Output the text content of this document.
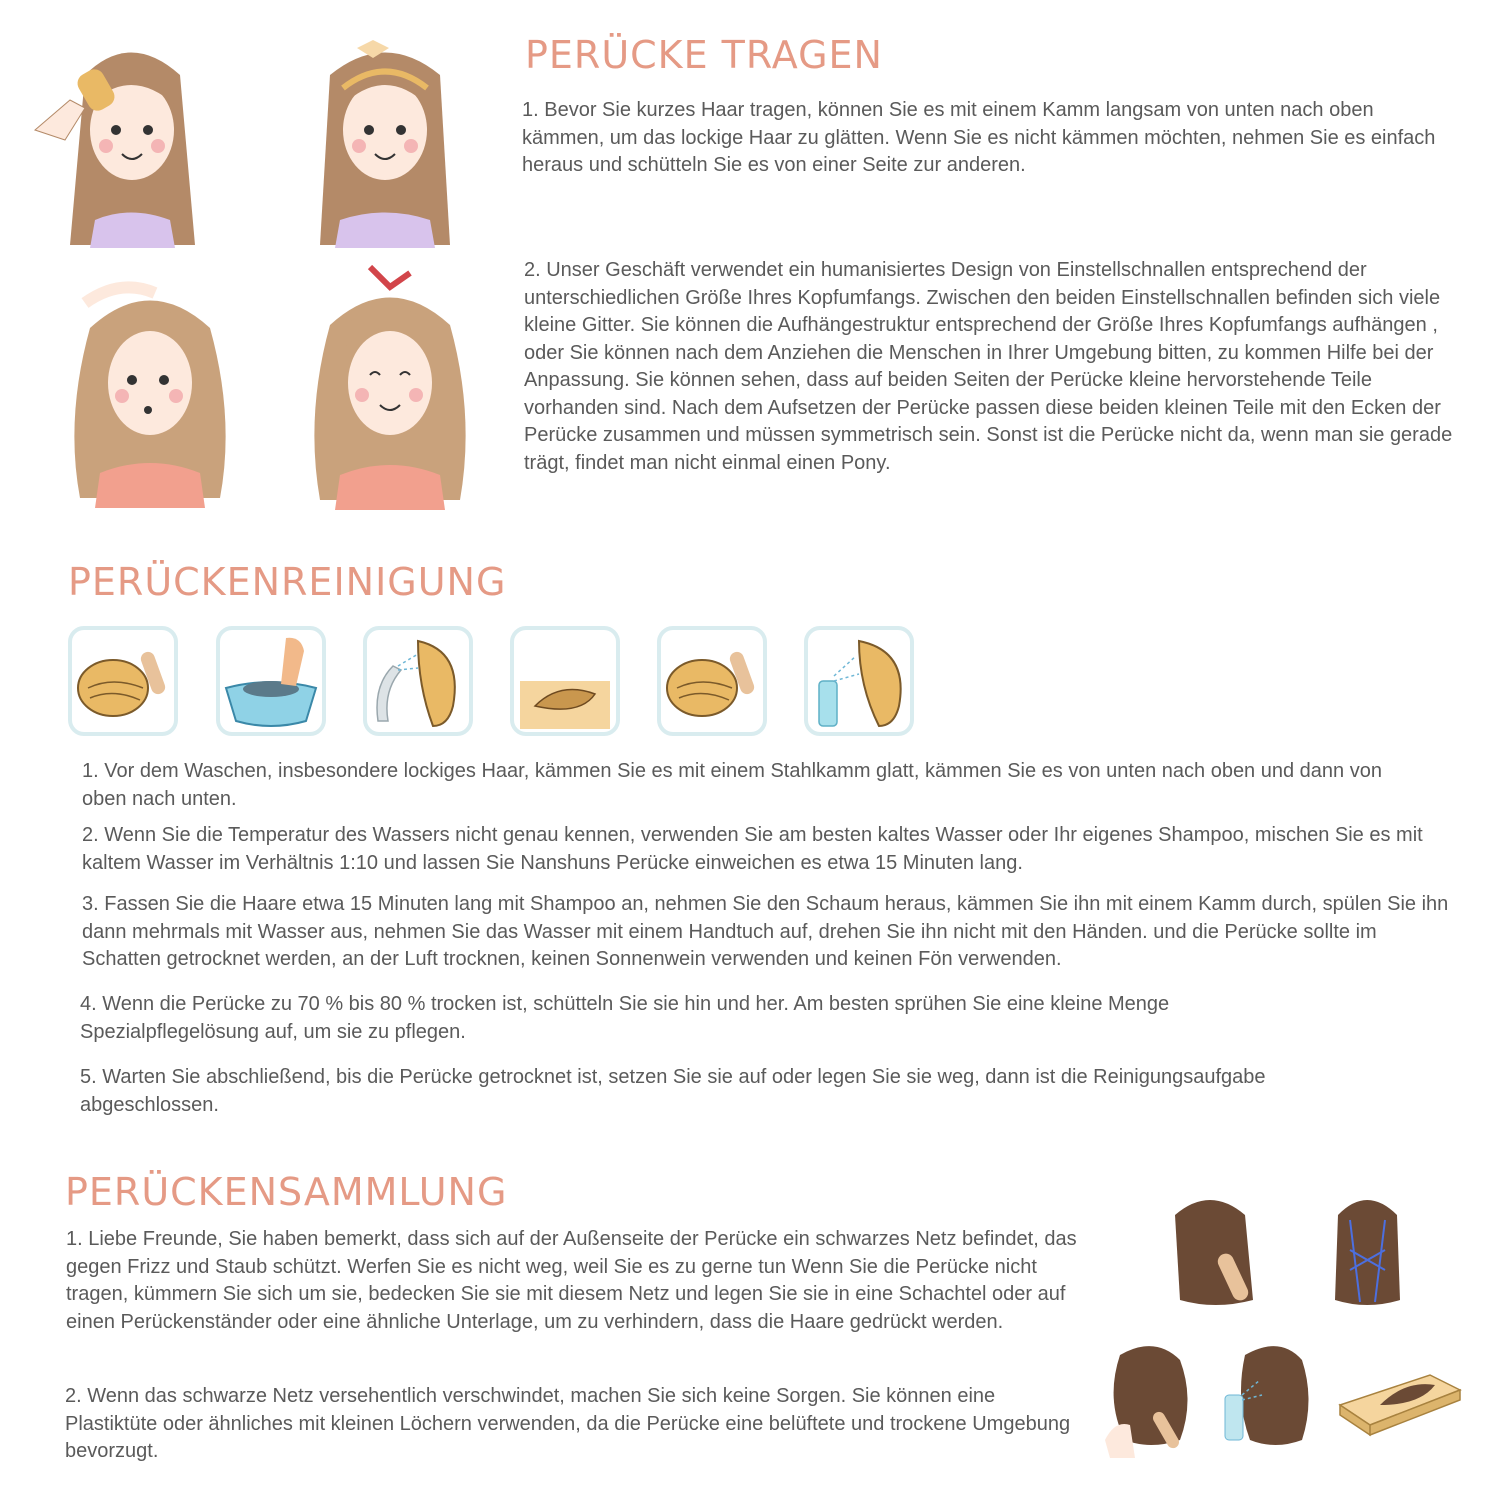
PERÜCKE TRAGEN

1. Bevor Sie kurzes Haar tragen, können Sie es mit einem Kamm langsam von unten nach oben kämmen, um das lockige Haar zu glätten. Wenn Sie es nicht kämmen möchten, nehmen Sie es einfach heraus und schütteln Sie es von einer Seite zur anderen.

2. Unser Geschäft verwendet ein humanisiertes Design von Einstellschnallen entsprechend der unterschiedlichen Größe Ihres Kopfumfangs. Zwischen den beiden Einstellschnallen befinden sich viele kleine Gitter. Sie können die Aufhängestruktur entsprechend der Größe Ihres Kopfumfangs aufhängen , oder Sie können nach dem Anziehen die Menschen in Ihrer Umgebung bitten, zu kommen Hilfe bei der Anpassung. Sie können sehen, dass auf beiden Seiten der Perücke kleine hervorstehende Teile vorhanden sind. Nach dem Aufsetzen der Perücke passen diese beiden kleinen Teile mit den Ecken der Perücke zusammen und müssen symmetrisch sein. Sonst ist die Perücke nicht da, wenn man sie gerade trägt, findet man nicht einmal einen Pony.

PERÜCKENREINIGUNG

1. Vor dem Waschen, insbesondere lockiges Haar, kämmen Sie es mit einem Stahlkamm glatt, kämmen Sie es von unten nach oben und dann von oben nach unten.

2. Wenn Sie die Temperatur des Wassers nicht genau kennen, verwenden Sie am besten kaltes Wasser oder Ihr eigenes Shampoo, mischen Sie es mit kaltem Wasser im Verhältnis 1:10 und lassen Sie Nanshuns Perücke einweichen es etwa 15 Minuten lang.

3. Fassen Sie die Haare etwa 15 Minuten lang mit Shampoo an, nehmen Sie den Schaum heraus, kämmen Sie ihn mit einem Kamm durch, spülen Sie ihn dann mehrmals mit Wasser aus, nehmen Sie das Wasser mit einem Handtuch auf, drehen Sie ihn nicht mit den Händen. und die Perücke sollte im Schatten getrocknet werden, an der Luft trocknen, keinen Sonnenwein verwenden und keinen Fön verwenden.

4. Wenn die Perücke zu 70 % bis 80 % trocken ist, schütteln Sie sie hin und her. Am besten sprühen Sie eine kleine Menge Spezialpflegelösung auf, um sie zu pflegen.

5. Warten Sie abschließend, bis die Perücke getrocknet ist, setzen Sie sie auf oder legen Sie sie weg, dann ist die Reinigungsaufgabe abgeschlossen.

PERÜCKENSAMMLUNG

1. Liebe Freunde, Sie haben bemerkt, dass sich auf der Außenseite der Perücke ein schwarzes Netz befindet, das gegen Frizz und Staub schützt. Werfen Sie es nicht weg, weil Sie es zu gerne tun Wenn Sie die Perücke nicht tragen, kümmern Sie sich um sie, bedecken Sie sie mit diesem Netz und legen Sie sie in eine Schachtel oder auf einen Perückenständer oder eine ähnliche Unterlage, um zu verhindern, dass die Haare gedrückt werden.

2. Wenn das schwarze Netz versehentlich verschwindet, machen Sie sich keine Sorgen. Sie können eine Plastiktüte oder ähnliches mit kleinen Löchern verwenden, da die Perücke eine belüftete und trockene Umgebung bevorzugt.
